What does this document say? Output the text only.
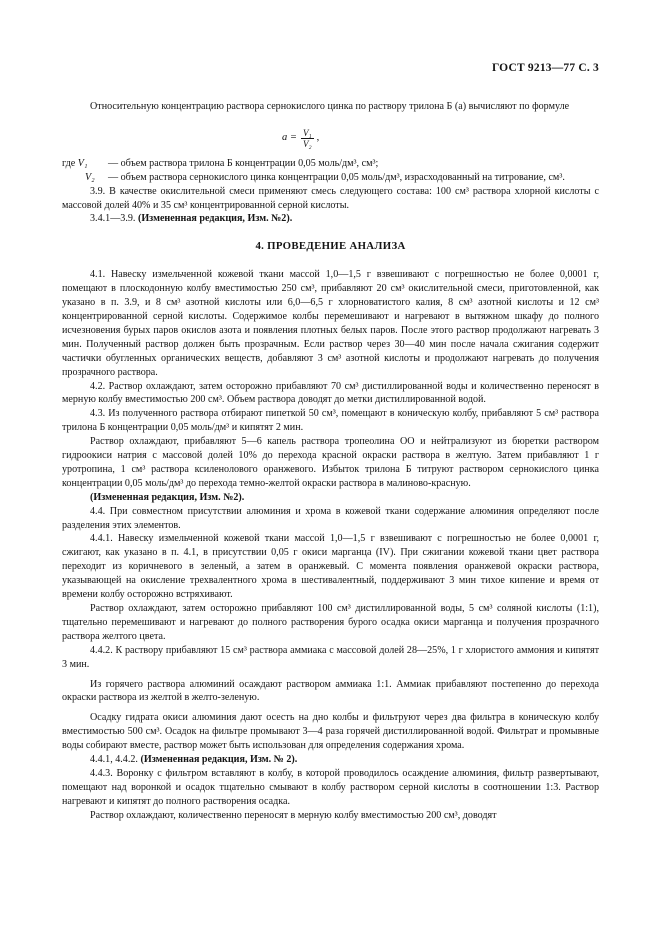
ГОСТ 9213—77 С. 3

Относительную концентрацию раствора сернокислого цинка по раствору трилона Б (а) вычисляют по формуле

$a = \frac{\text{V₁}}{\text{V₂}}$ ,
где V₁	— объем раствора трилона Б концентрации 0,05 моль/дм³, см³;
V₂	— объем раствора сернокислого цинка концентрации 0,05 моль/дм³, израсходованный на титрование, см³.

3.9. В качестве окислительной смеси применяют смесь следующего состава: 100 см³ раствора хлорной кислоты с массовой долей 40% и 35 см³ концентрированной серной кислоты.

3.4.1—3.9. (Измененная редакция, Изм. №2).

4. ПРОВЕДЕНИЕ АНАЛИЗА

4.1. Навеску измельченной кожевой ткани массой 1,0—1,5 г взвешивают с погрешностью не более 0,0001 г, помещают в плоскодонную колбу вместимостью 250 см³, прибавляют 20 см³ окислительной смеси, приготовленной, как указано в п. 3.9, и 8 см³ азотной кислоты или 6,0—6,5 г хлорноватистого калия, 8 см³ азотной кислоты и 12 см³ концентрированной серной кислоты. Содержимое колбы перемешивают и нагревают в вытяжном шкафу до полного исчезновения бурых паров окислов азота и появления плотных белых паров. После этого раствор продолжают нагревать 3 мин. Полученный раствор должен быть прозрачным. Если раствор через 30—40 мин после начала сжигания содержит частички обугленных органических веществ, добавляют 3 см³ азотной кислоты и продолжают нагревать до получения прозрачного раствора.

4.2. Раствор охлаждают, затем осторожно прибавляют 70 см³ дистиллированной воды и количественно переносят в мерную колбу вместимостью 200 см³. Объем раствора доводят до метки дистиллированной водой.

4.3. Из полученного раствора отбирают пипеткой 50 см³, помещают в коническую колбу, прибавляют 5 см³ раствора трилона Б концентрации 0,05 моль/дм³ и кипятят 2 мин.

Раствор охлаждают, прибавляют 5—6 капель раствора тропеолина ОО и нейтрализуют из бюретки раствором гидроокиси натрия с массовой долей 10% до перехода красной окраски раствора в желтую. Затем прибавляют 1 г уротропина, 1 см³ раствора ксиленолового оранжевого. Избыток трилона Б титруют раствором сернокислого цинка концентрации 0,05 моль/дм³ до перехода темно-желтой окраски раствора в малиново-красную.

(Измененная редакция, Изм. №2).

4.4. При совместном присутствии алюминия и хрома в кожевой ткани содержание алюминия определяют после разделения этих элементов.

4.4.1. Навеску измельченной кожевой ткани массой 1,0—1,5 г взвешивают с погрешностью не более 0,0001 г, сжигают, как указано в п. 4.1, в присутствии 0,05 г окиси марганца (IV). При сжигании кожевой ткани цвет раствора переходит из коричневого в зеленый, а затем в оранжевый. С момента появления оранжевой окраски раствора, указывающей на окисление трехвалентного хрома в шестивалентный, поддерживают 3 мин тихое кипение и время от времени колбу осторожно встряхивают.

Раствор охлаждают, затем осторожно прибавляют 100 см³ дистиллированной воды, 5 см³ соляной кислоты (1:1), тщательно перемешивают и нагревают до полного растворения бурого осадка окиси марганца и получения прозрачного раствора желтого цвета.

4.4.2. К раствору прибавляют 15 см³ раствора аммиака с массовой долей 28—25%, 1 г хлористого аммония и кипятят 3 мин.

Из горячего раствора алюминий осаждают раствором аммиака 1:1. Аммиак прибавляют постепенно до перехода окраски раствора из желтой в желто-зеленую.

Осадку гидрата окиси алюминия дают осесть на дно колбы и фильтруют через два фильтра в коническую колбу вместимостью 500 см³. Осадок на фильтре промывают 3—4 раза горячей дистиллированной водой. Фильтрат и промывные воды собирают вместе, раствор может быть использован для определения содержания хрома.

4.4.1, 4.4.2. (Измененная редакция, Изм. № 2).

4.4.3. Воронку с фильтром вставляют в колбу, в которой проводилось осаждение алюминия, фильтр развертывают, помещают над воронкой и осадок тщательно смывают в колбу раствором серной кислоты в соотношении 1:3. Раствор нагревают и кипятят до полного растворения осадка.

Раствор охлаждают, количественно переносят в мерную колбу вместимостью 200 см³, доводят
